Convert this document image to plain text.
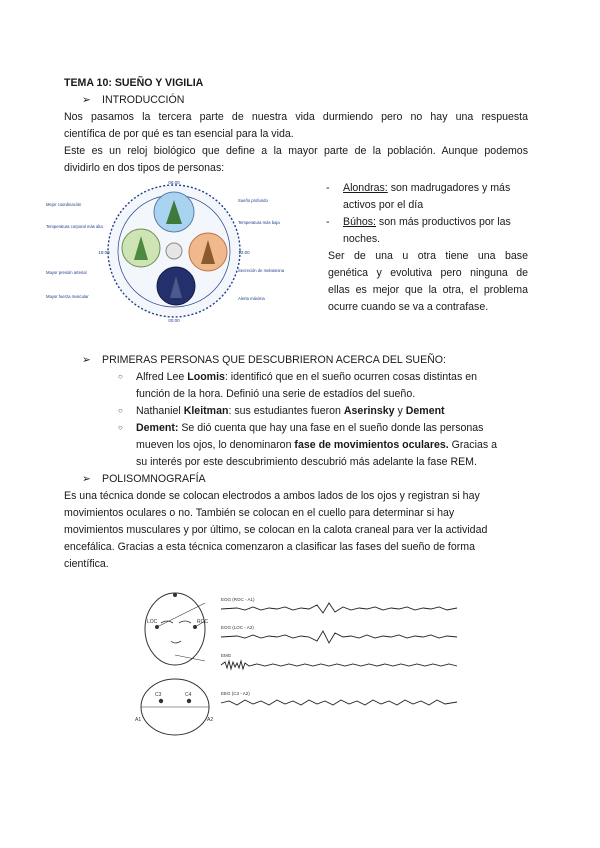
TEMA 10: SUEÑO Y VIGILIA
➢ INTRODUCCIÓN
Nos pasamos la tercera parte de nuestra vida durmiendo pero no hay una respuesta
científica de por qué es tan esencial para la vida.
Este es un reloj biológico que define a la mayor parte de la población. Aunque podemos
dividirlo en dos tipos de personas:
06:00
12:00
00:00
18:00
Mejor coordinación
Temperatura corporal más alta
Mayor presión arterial
Mayor fuerza muscular
Sueño profundo
Temperatura más baja
Secreción de melatonina
Alerta máxima
- Alondras: son madrugadores y más
activos por el día
- Búhos: son más productivos por las
noches.
Ser de una u otra tiene una base
genética y evolutiva pero ninguna de
ellas es mejor que la otra, el problema
ocurre cuando se va a contrafase.
➢ PRIMERAS PERSONAS QUE DESCUBRIERON ACERCA DEL SUEÑO:
○ Alfred Lee Loomis: identificó que en el sueño ocurren cosas distintas en
función de la hora. Definió una serie de estadíos del sueño.
○ Nathaniel Kleitman: sus estudiantes fueron Aserinsky y Dement
○ Dement: Se dió cuenta que hay una fase en el sueño donde las personas
mueven los ojos, lo denominaron fase de movimientos oculares. Gracias a
su interés por este descubrimiento descubrió más adelante la fase REM.
➢ POLISOMNOGRAFÍA
Es una técnica donde se colocan electrodos a ambos lados de los ojos y registran si hay
movimientos oculares o no. También se colocan en el cuello para determinar si hay
movimientos musculares y por último, se colocan en la calota craneal para ver la actividad
encefálica. Gracias a esta técnica comenzaron a clasificar las fases del sueño de forma
científica.
LOC	ROC
C3	C4
A1	A2
EOG (ROC - A1)
EOG (LOC - A2)
EMG
EEG (C3 - A2)
